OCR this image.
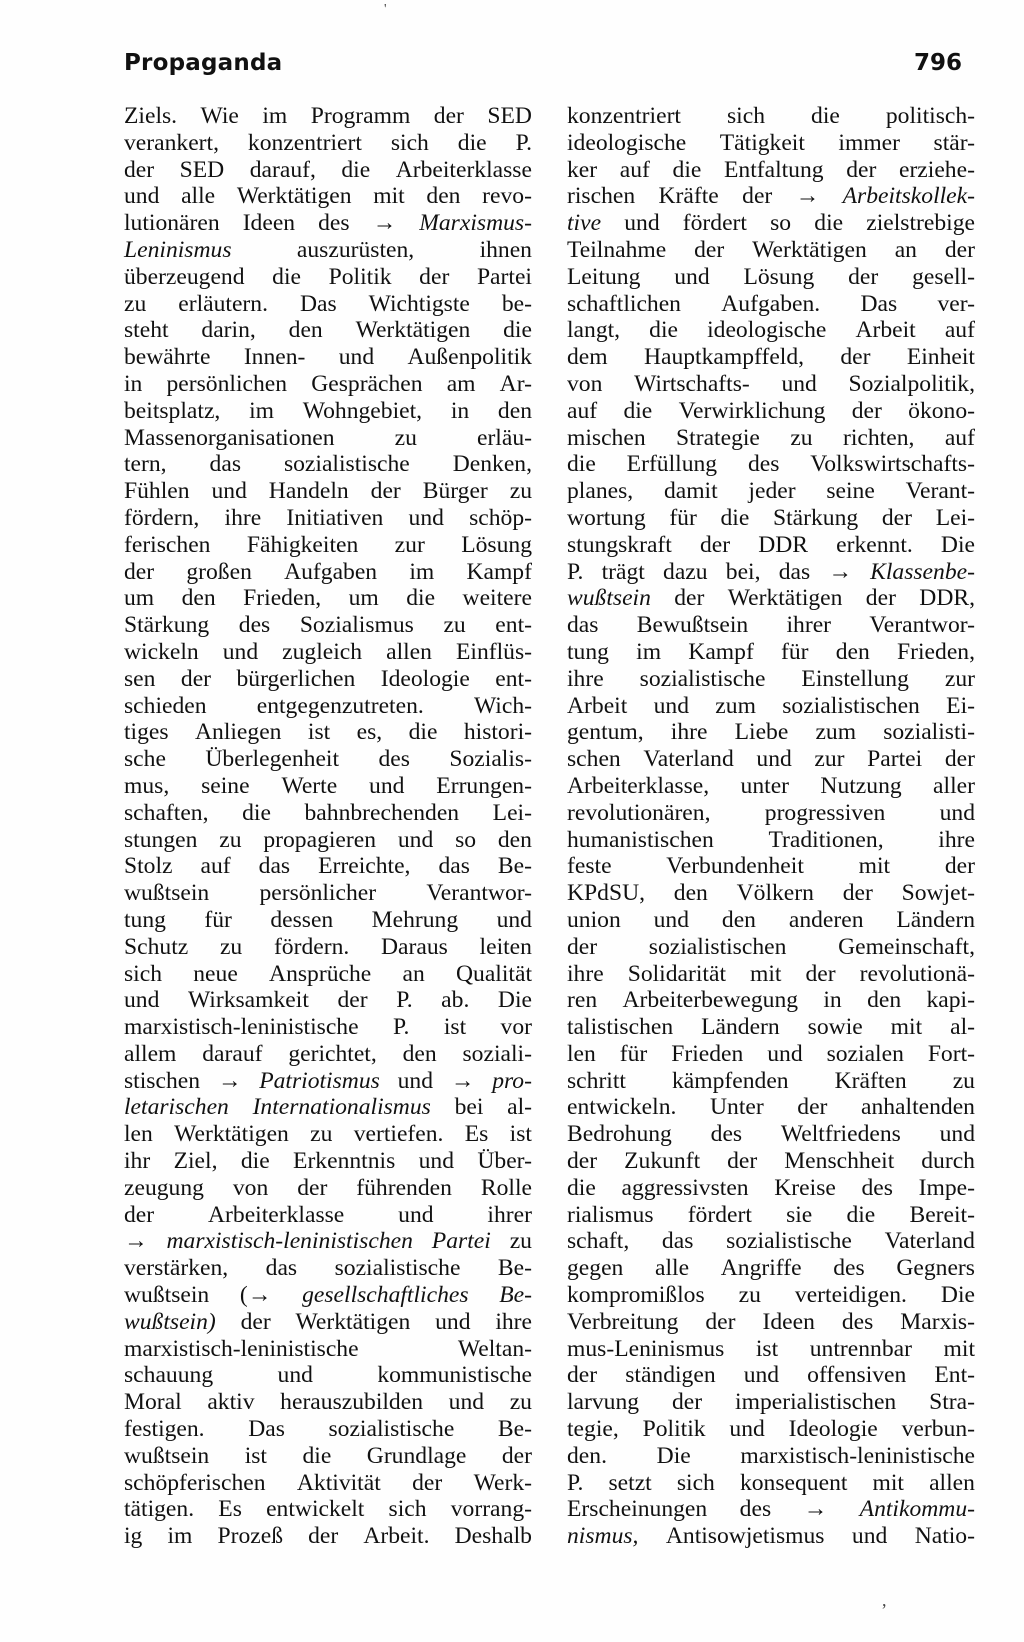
Propaganda	796
Ziels. Wie im Programm der SED
verankert, konzentriert sich die P.
der SED darauf, die Arbeiterklasse
und alle Werktätigen mit den revo-
lutionären Ideen des → Marxismus-
Leninismus	auszurüsten,	ihnen
überzeugend die Politik der Partei
zu erläutern. Das Wichtigste be-
steht darin, den Werktätigen die
bewährte Innen- und Außenpolitik
in persönlichen Gesprächen am Ar-
beitsplatz, im Wohngebiet, in den
Massenorganisationen	zu	erläu-
tern, das sozialistische Denken,
Fühlen und Handeln der Bürger zu
fördern, ihre Initiativen und schöp-
ferischen Fähigkeiten zur Lösung
der großen Aufgaben im Kampf
um den Frieden, um die weitere
Stärkung des Sozialismus zu ent-
wickeln und zugleich allen Einflüs-
sen der bürgerlichen Ideologie ent-
schieden entgegenzutreten. Wich-
tiges Anliegen ist es, die histori-
sche Überlegenheit des Sozialis-
mus, seine Werte und Errungen-
schaften, die bahnbrechenden Lei-
stungen zu propagieren und so den
Stolz auf das Erreichte, das Be-
wußtsein persönlicher Verantwor-
tung für dessen Mehrung und
Schutz zu fördern. Daraus leiten
sich neue Ansprüche an Qualität
und Wirksamkeit der P. ab. Die
marxistisch-leninistische P. ist vor
allem darauf gerichtet, den soziali-
stischen → Patriotismus und → pro-
letarischen Internationalismus bei al-
len Werktätigen zu vertiefen. Es ist
ihr Ziel, die Erkenntnis und Über-
zeugung von der führenden Rolle
der Arbeiterklasse und ihrer
→ marxistisch-leninistischen Partei zu
verstärken, das sozialistische Be-
wußtsein (→ gesellschaftliches Be-
wußtsein) der Werktätigen und ihre
marxistisch-leninistische	Weltan-
schauung	und	kommunistische
Moral aktiv herauszubilden und zu
festigen. Das sozialistische Be-
wußtsein ist die Grundlage der
schöpferischen Aktivität der Werk-
tätigen. Es entwickelt sich vorrang-
ig im Prozeß der Arbeit. Deshalb
konzentriert sich die politisch-
ideologische Tätigkeit immer stär-
ker auf die Entfaltung der erziehe-
rischen Kräfte der → Arbeitskollek-
tive und fördert so die zielstrebige
Teilnahme der Werktätigen an der
Leitung und Lösung der gesell-
schaftlichen Aufgaben. Das ver-
langt, die ideologische Arbeit auf
dem Hauptkampffeld, der Einheit
von Wirtschafts- und Sozialpolitik,
auf die Verwirklichung der ökono-
mischen Strategie zu richten, auf
die Erfüllung des Volkswirtschafts-
planes, damit jeder seine Verant-
wortung für die Stärkung der Lei-
stungskraft der DDR erkennt. Die
P. trägt dazu bei, das → Klassenbe-
wußtsein der Werktätigen der DDR,
das Bewußtsein ihrer Verantwor-
tung im Kampf für den Frieden,
ihre sozialistische Einstellung zur
Arbeit und zum sozialistischen Ei-
gentum, ihre Liebe zum sozialisti-
schen Vaterland und zur Partei der
Arbeiterklasse, unter Nutzung aller
revolutionären, progressiven und
humanistischen Traditionen, ihre
feste Verbundenheit mit der
KPdSU, den Völkern der Sowjet-
union und den anderen Ländern
der sozialistischen Gemeinschaft,
ihre Solidarität mit der revolutionä-
ren Arbeiterbewegung in den kapi-
talistischen Ländern sowie mit al-
len für Frieden und sozialen Fort-
schritt kämpfenden Kräften zu
entwickeln. Unter der anhaltenden
Bedrohung des Weltfriedens und
der Zukunft der Menschheit durch
die aggressivsten Kreise des Impe-
rialismus fördert sie die Bereit-
schaft, das sozialistische Vaterland
gegen alle Angriffe des Gegners
kompromißlos zu verteidigen. Die
Verbreitung der Ideen des Marxis-
mus-Leninismus ist untrennbar mit
der ständigen und offensiven Ent-
larvung der imperialistischen Stra-
tegie, Politik und Ideologie verbun-
den. Die marxistisch-leninistische
P. setzt sich konsequent mit allen
Erscheinungen des → Antikommu-
nismus, Antisowjetismus und Natio-
'
,
